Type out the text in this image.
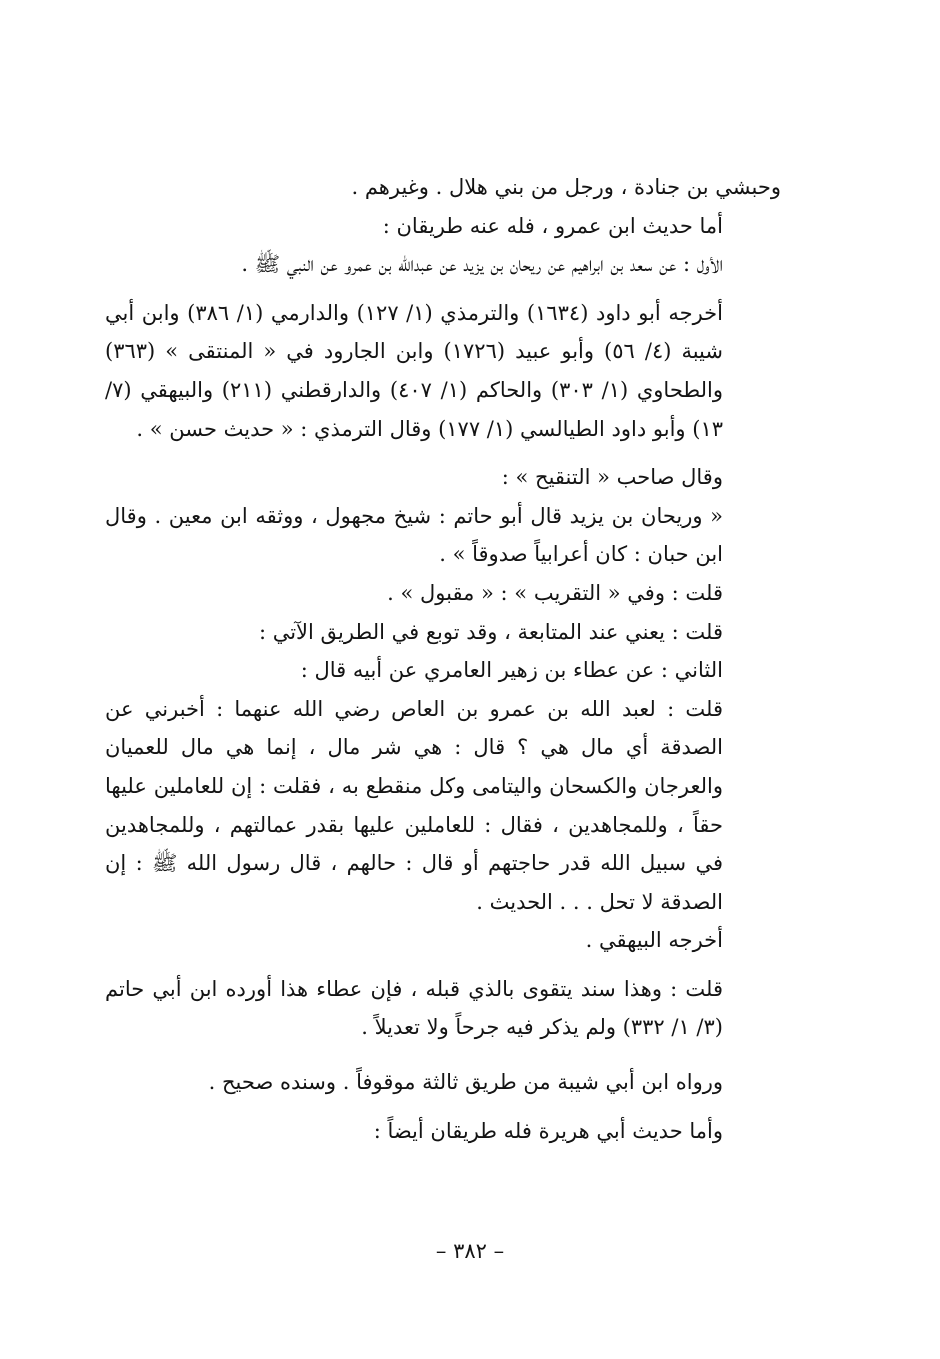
وحبشي بن جنادة ، ورجل من بني هلال . وغيرهم .

أما حديث ابن عمرو ، فله عنه طريقان :

الأول : عن سعد بن ابراهيم عن ريحان بن يزيد عن عبدالله بن عمرو عن النبي ﷺ .

أخرجه أبو داود (١٦٣٤) والترمذي (١/ ١٢٧) والدارمي (١/ ٣٨٦) وابن أبي شيبة (٤/ ٥٦) وأبو عبيد (١٧٢٦) وابن الجارود في « المنتقى » (٣٦٣) والطحاوي (١/ ٣٠٣) والحاكم (١/ ٤٠٧) والدارقطني (٢١١) والبيهقي (٧/ ١٣) وأبو داود الطيالسي (١/ ١٧٧) وقال الترمذي : « حديث حسن » .

وقال صاحب « التنقيح » :

« وريحان بن يزيد قال أبو حاتم : شيخ مجهول ، ووثقه ابن معين . وقال ابن حبان : كان أعرابياً صدوقاً » .

قلت : وفي « التقريب » : « مقبول » .

قلت : يعني عند المتابعة ، وقد توبع في الطريق الآتي :

الثاني : عن عطاء بن زهير العامري عن أبيه قال :

قلت : لعبد الله بن عمرو بن العاص رضي الله عنهما : أخبرني عن الصدقة أي مال هي ؟ قال : هي شر مال ، إنما هي مال للعميان والعرجان والكسحان واليتامى وكل منقطع به ، فقلت : إن للعاملين عليها حقاً ، وللمجاهدين ، فقال : للعاملين عليها بقدر عمالتهم ، وللمجاهدين في سبيل الله قدر حاجتهم أو قال : حالهم ، قال رسول الله ﷺ : إن الصدقة لا تحل . . . الحديث .

أخرجه البيهقي .

قلت : وهذا سند يتقوى بالذي قبله ، فإن عطاء هذا أورده ابن أبي حاتم (٣/ ١/ ٣٣٢) ولم يذكر فيه جرحاً ولا تعديلاً .

ورواه ابن أبي شيبة من طريق ثالثة موقوفاً . وسنده صحيح .

وأما حديث أبي هريرة فله طريقان أيضاً :

– ٣٨٢ –
